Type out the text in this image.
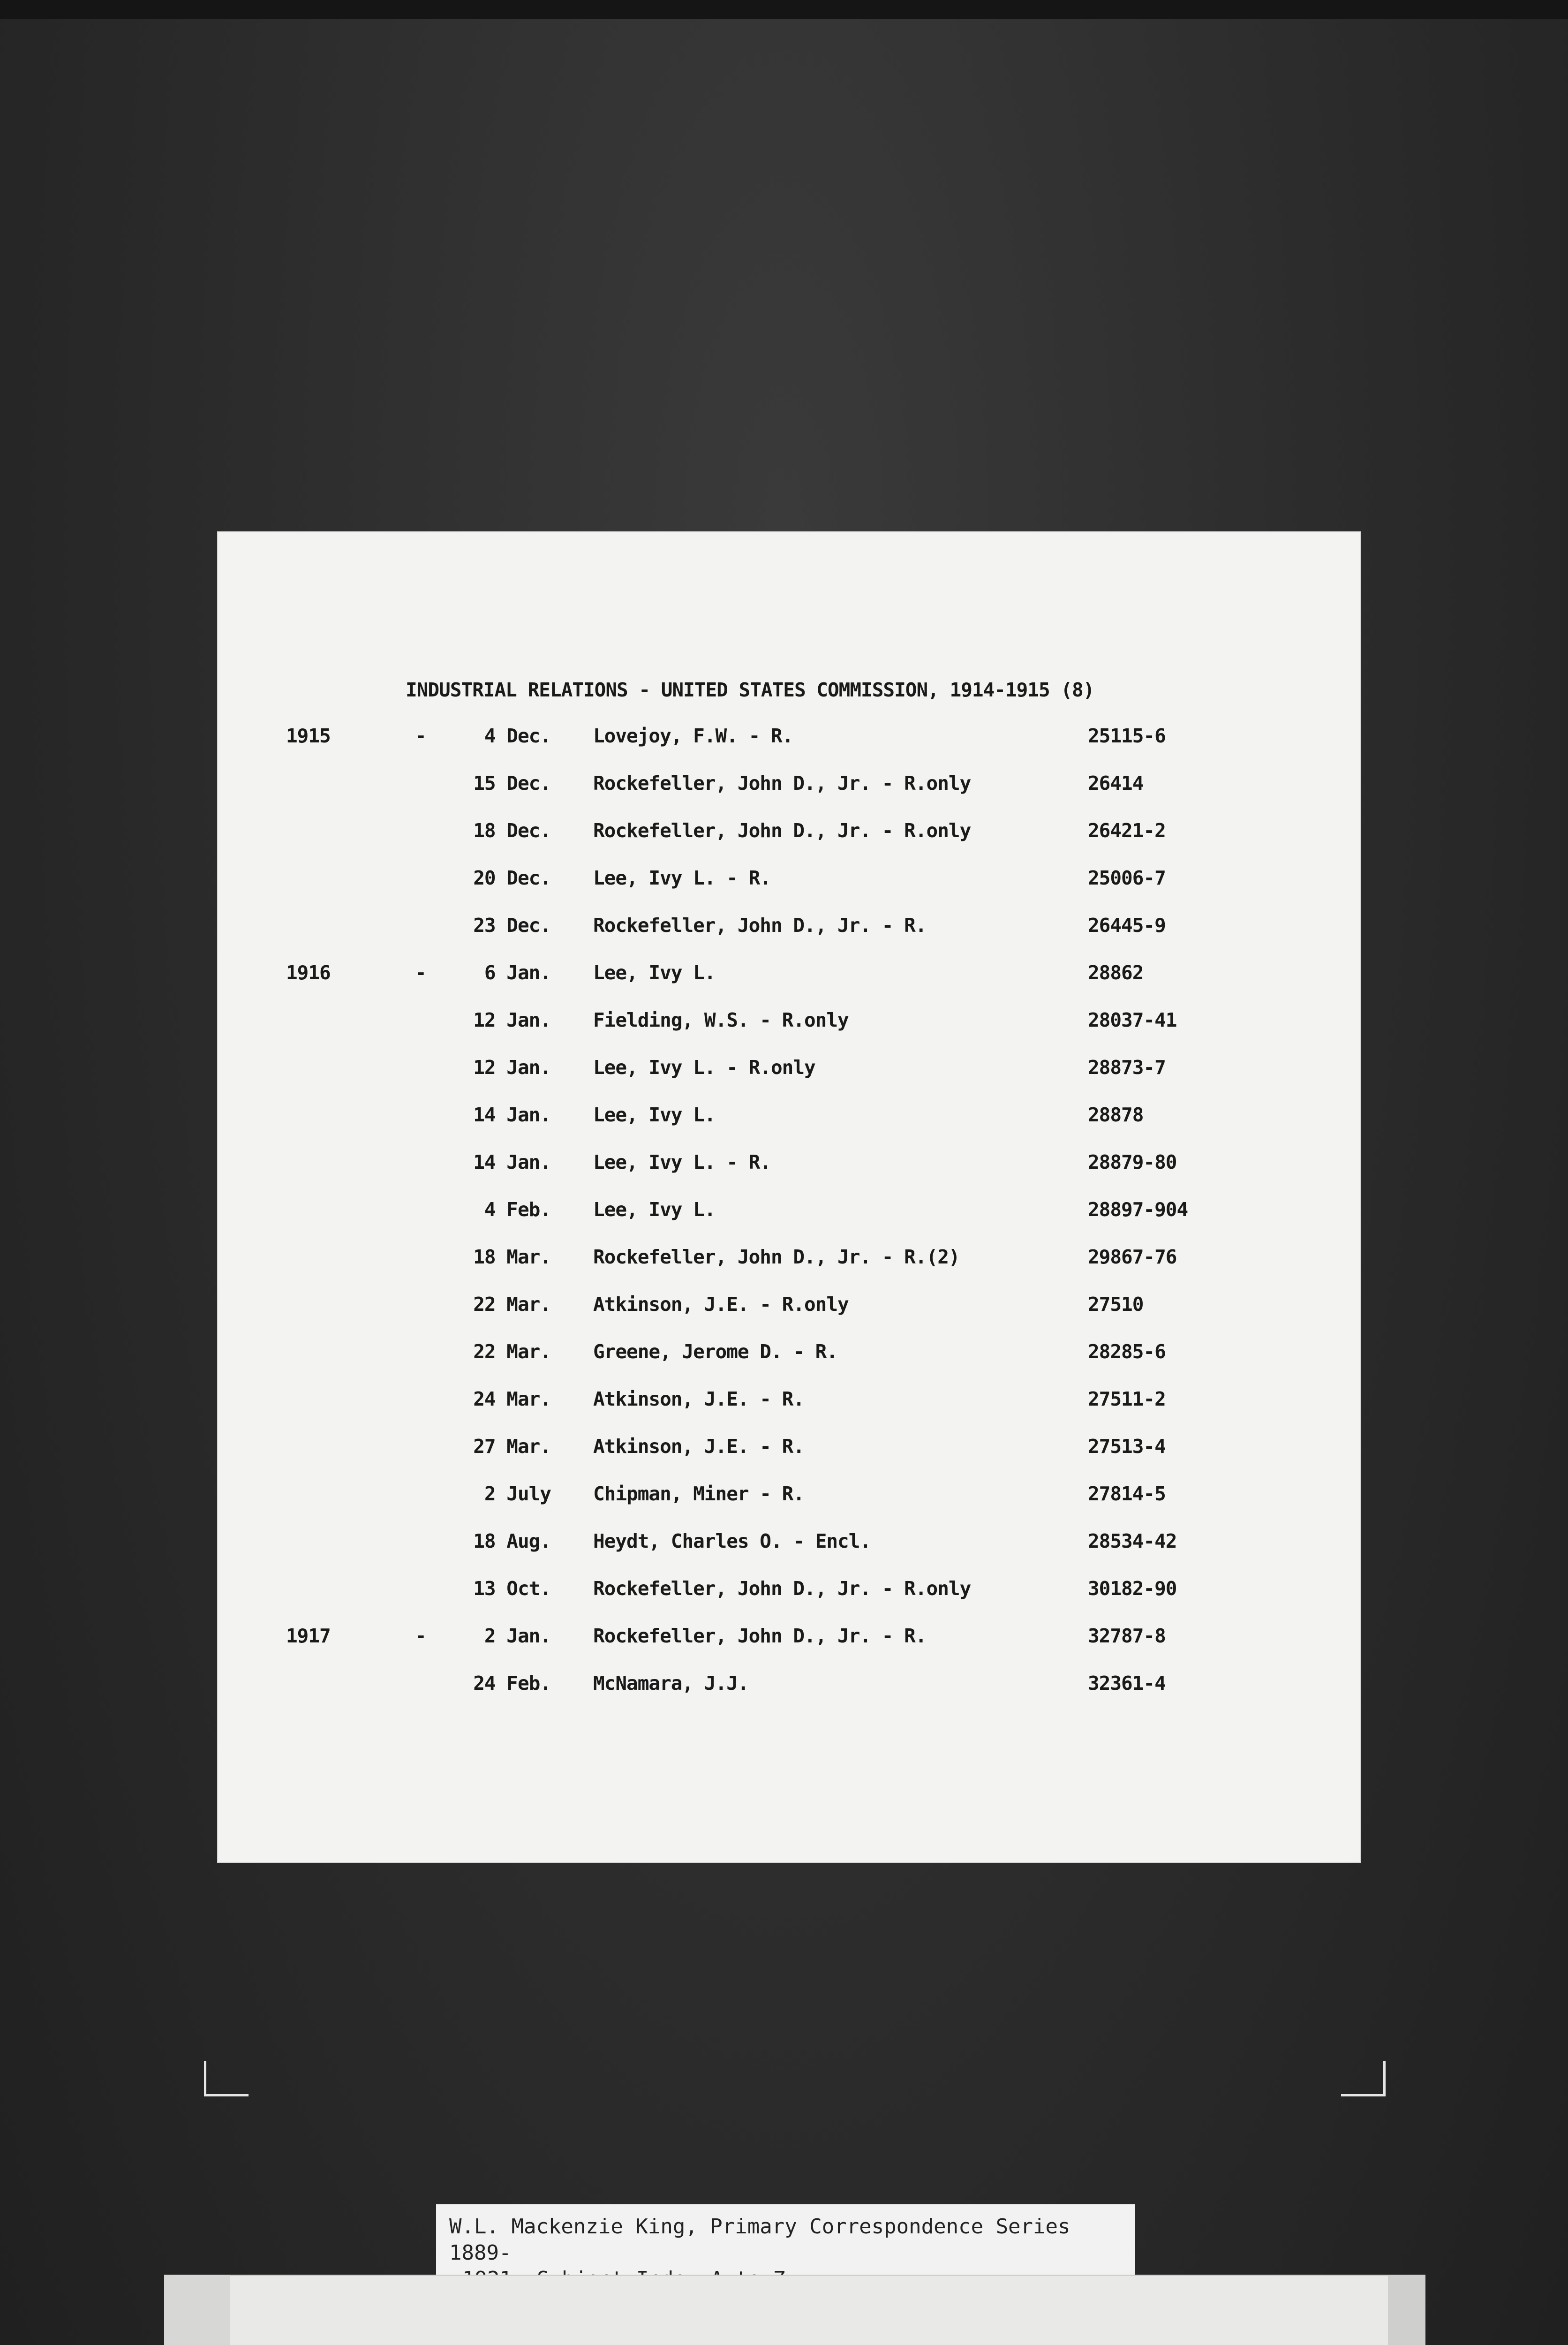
INDUSTRIAL RELATIONS - UNITED STATES COMMISSION, 1914-1915 (8)
1915	-	4 Dec. Lovejoy, F.W. - R.	25115-6
15 Dec. Rockefeller, John D., Jr. - R.only	26414
18 Dec. Rockefeller, John D., Jr. - R.only	26421-2
20 Dec. Lee, Ivy L. - R.	25006-7
23 Dec. Rockefeller, John D., Jr. - R.	26445-9
1916	-	6 Jan. Lee, Ivy L.	28862
12 Jan. Fielding, W.S. - R.only	28037-41
12 Jan. Lee, Ivy L. - R.only	28873-7
14 Jan. Lee, Ivy L.	28878
14 Jan. Lee, Ivy L. - R.	28879-80
4 Feb. Lee, Ivy L.	28897-904
18 Mar. Rockefeller, John D., Jr. - R.(2)	29867-76
22 Mar. Atkinson, J.E. - R.only	27510
22 Mar. Greene, Jerome D. - R.	28285-6
24 Mar. Atkinson, J.E. - R.	27511-2
27 Mar. Atkinson, J.E. - R.	27513-4
2 July Chipman, Miner - R.	27814-5
18 Aug. Heydt, Charles O. - Encl.	28534-42
13 Oct. Rockefeller, John D., Jr. - R.only	30182-90
1917	-	2 Jan. Rockefeller, John D., Jr. - R.	32787-8
24 Feb. McNamara, J.J.	32361-4
W.L. Mackenzie King, Primary Correspondence Series 1889-
